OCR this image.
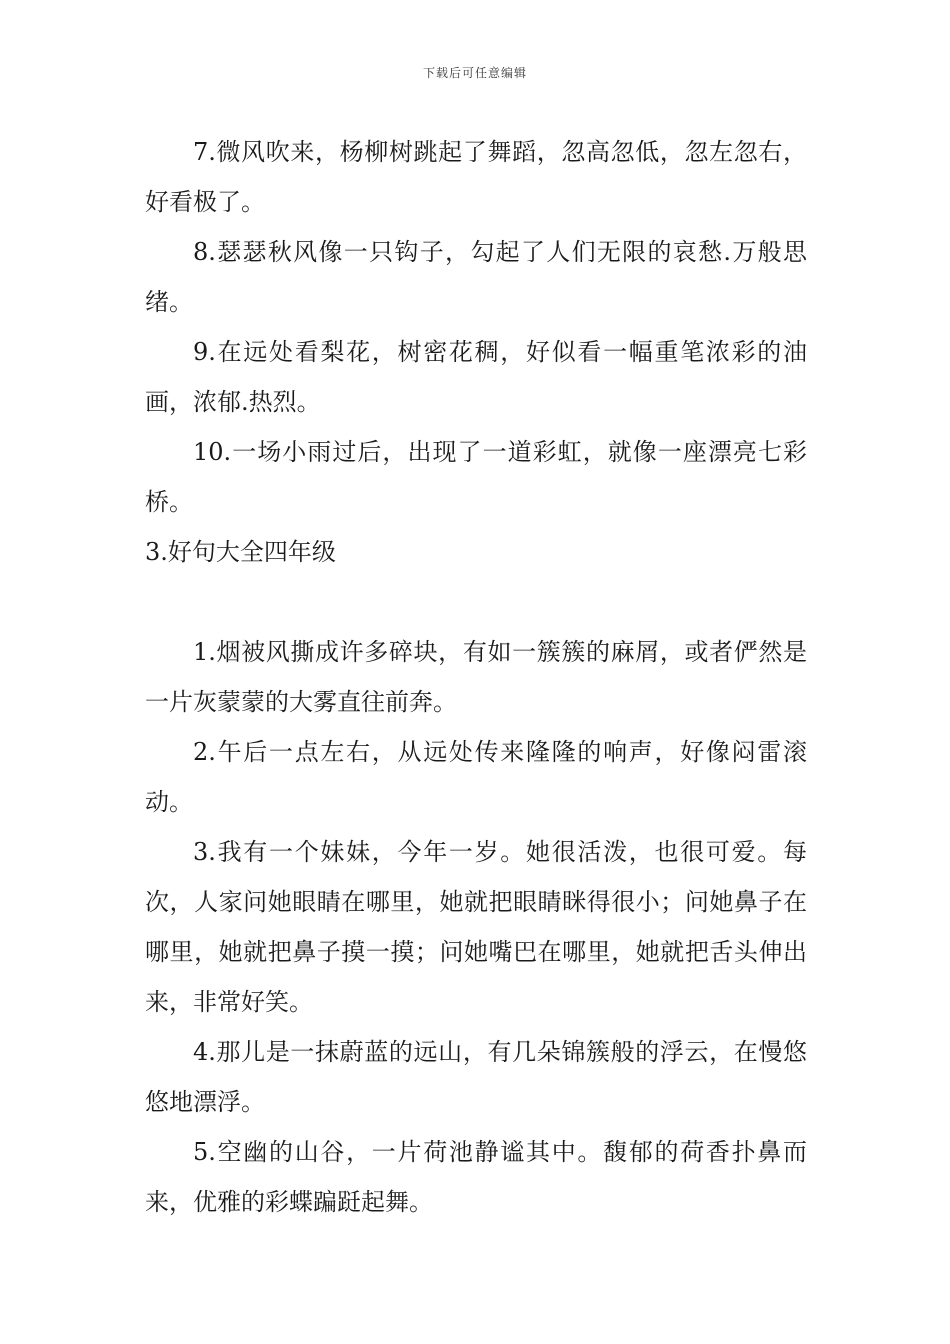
下载后可任意编辑

7.微风吹来，杨柳树跳起了舞蹈，忽高忽低，忽左忽右，好看极了。

8.瑟瑟秋风像一只钩子，勾起了人们无限的哀愁.万般思绪。

9.在远处看梨花，树密花稠，好似看一幅重笔浓彩的油画，浓郁.热烈。

10.一场小雨过后，出现了一道彩虹，就像一座漂亮七彩桥。

3.好句大全四年级

1.烟被风撕成许多碎块，有如一簇簇的麻屑，或者俨然是一片灰蒙蒙的大雾直往前奔。

2.午后一点左右，从远处传来隆隆的响声，好像闷雷滚动。

3.我有一个妹妹，今年一岁。她很活泼，也很可爱。每次，人家问她眼睛在哪里，她就把眼睛眯得很小；问她鼻子在哪里，她就把鼻子摸一摸；问她嘴巴在哪里，她就把舌头伸出来，非常好笑。

4.那儿是一抹蔚蓝的远山，有几朵锦簇般的浮云，在慢悠悠地漂浮。

5.空幽的山谷，一片荷池静谧其中。馥郁的荷香扑鼻而来，优雅的彩蝶蹁跹起舞。
